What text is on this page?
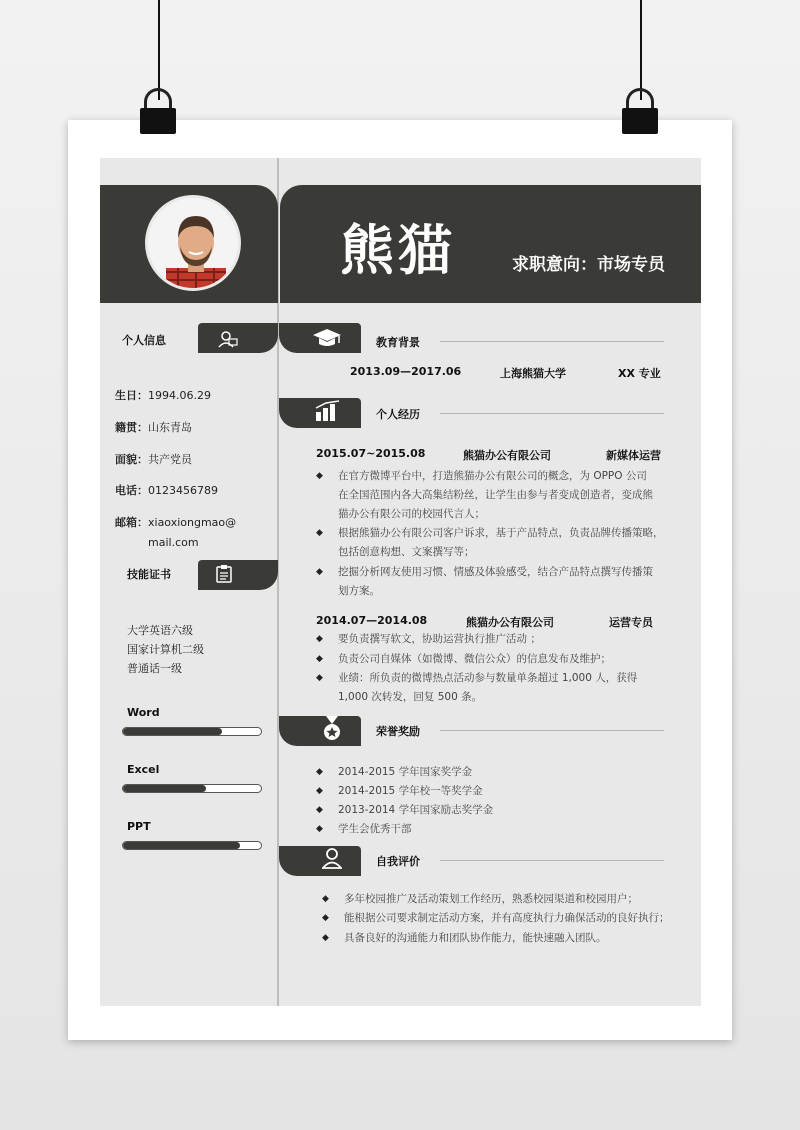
熊猫	求职意向：市场专员
个人信息
生日：1994.06.29
籍贯：山东青岛
面貌：共产党员
电话：0123456789
邮箱：xiaoxiongmao@
mail.com
技能证书
大学英语六级
国家计算机二级
普通话一级
Word
Excel
PPT
教育背景
2013.09—2017.06	上海熊猫大学	XX 专业
个人经历
2015.07~2015.08	熊猫办公有限公司	新媒体运营
◆	在官方微博平台中，打造熊猫办公有限公司的概念，为 OPPO 公司
在全国范围内各大高集结粉丝，让学生由参与者变成创造者，变成熊
猫办公有限公司的校园代言人；
◆	根据熊猫办公有限公司客户诉求，基于产品特点，负责品牌传播策略，
包括创意构想、文案撰写等；
◆	挖掘分析网友使用习惯、情感及体验感受，结合产品特点撰写传播策
划方案。
2014.07—2014.08	熊猫办公有限公司	运营专员
◆	要负责撰写软文，协助运营执行推广活动 ；
◆	负责公司自媒体（如微博、微信公众）的信息发布及维护；
◆	业绩：所负责的微博热点活动参与数量单条超过 1,000 人，获得
1,000 次转发，回复 500 条。
荣誉奖励
◆	2014-2015 学年国家奖学金
◆	2014-2015 学年校一等奖学金
◆	2013-2014 学年国家励志奖学金
◆	学生会优秀干部
自我评价
◆	多年校园推广及活动策划工作经历，熟悉校园渠道和校园用户；
◆	能根据公司要求制定活动方案，并有高度执行力确保活动的良好执行；
◆	具备良好的沟通能力和团队协作能力，能快速融入团队。
